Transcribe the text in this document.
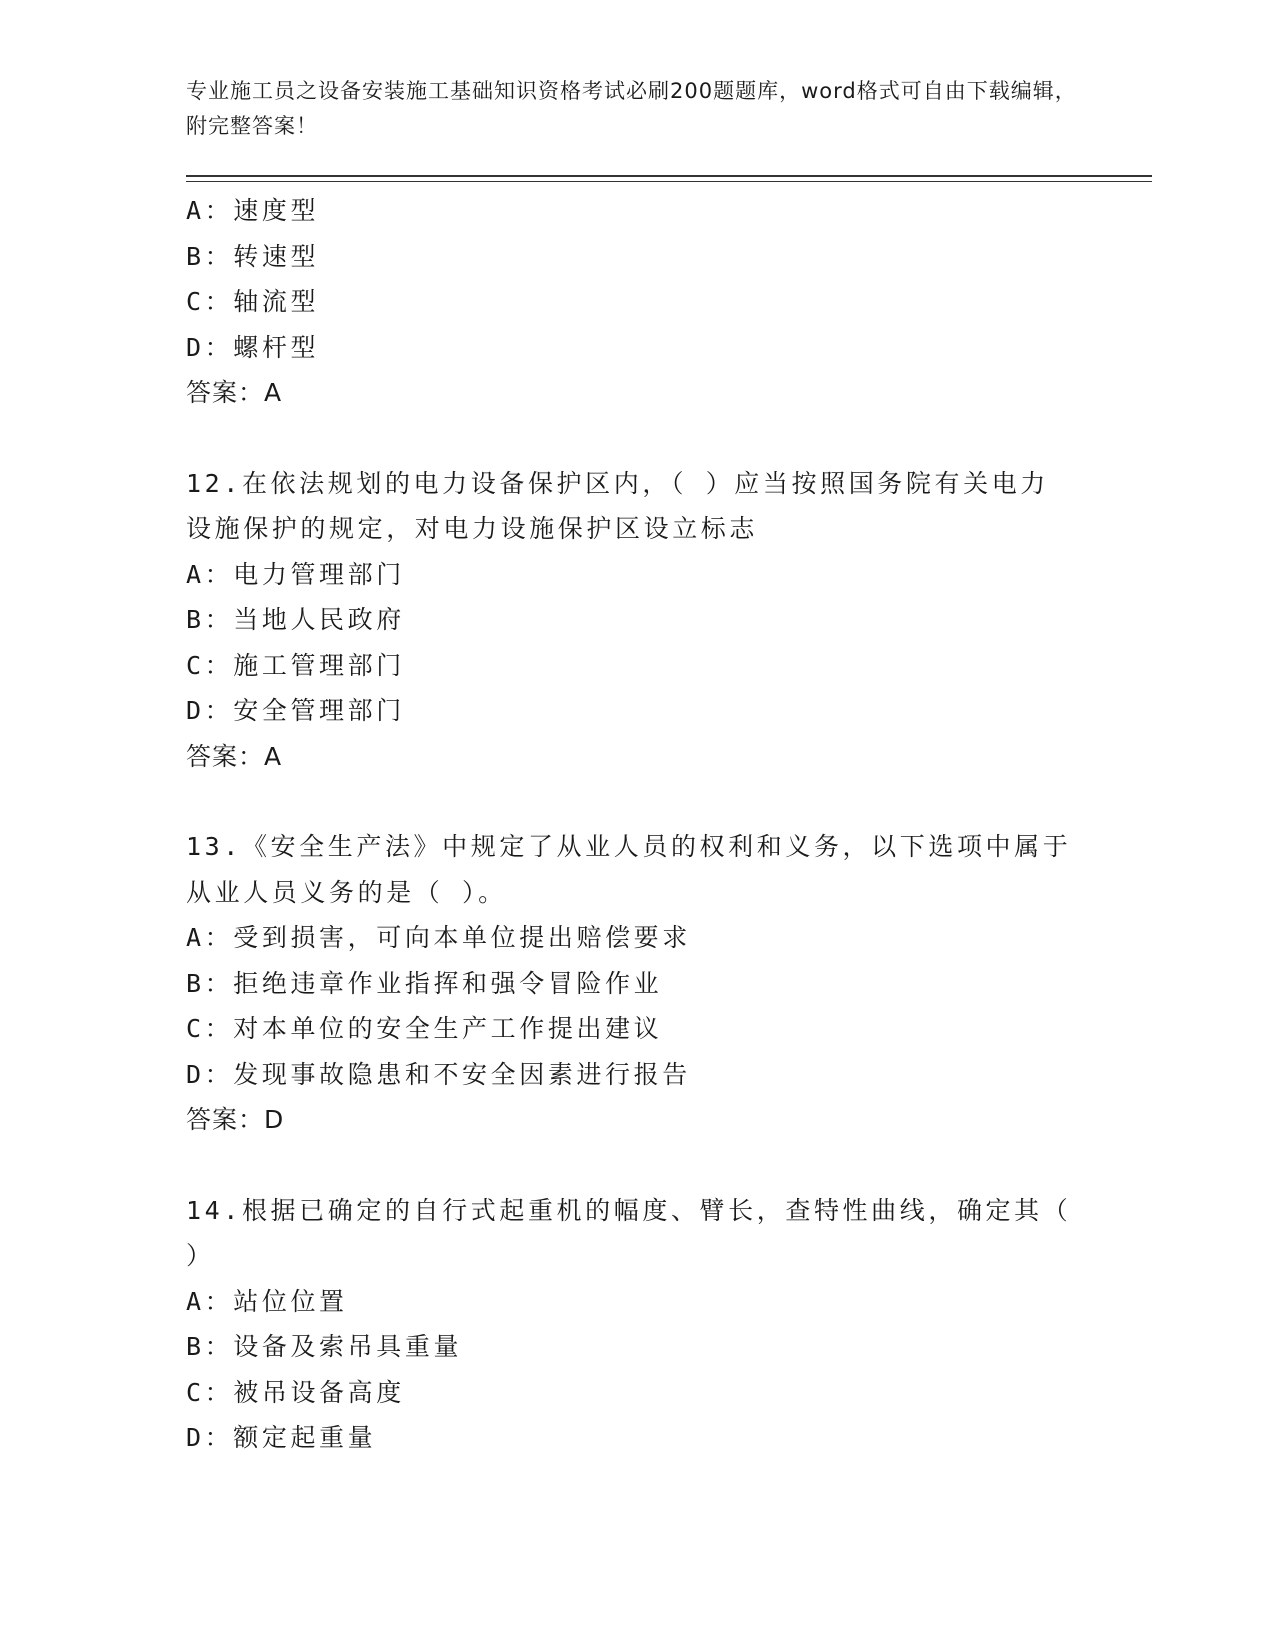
专业施工员之设备安装施工基础知识资格考试必刷200题题库，word格式可自由下载编辑，附完整答案！
A：速度型
B：转速型
C：轴流型
D：螺杆型
答案：A
12.在依法规划的电力设备保护区内，（ ）应当按照国务院有关电力设施保护的规定，对电力设施保护区设立标志
A：电力管理部门
B：当地人民政府
C：施工管理部门
D：安全管理部门
答案：A
13.《安全生产法》中规定了从业人员的权利和义务，以下选项中属于从业人员义务的是（ ）。
A：受到损害，可向本单位提出赔偿要求
B：拒绝违章作业指挥和强令冒险作业
C：对本单位的安全生产工作提出建议
D：发现事故隐患和不安全因素进行报告
答案：D
14.根据已确定的自行式起重机的幅度、臂长，查特性曲线，确定其（ ）
A：站位位置
B：设备及索吊具重量
C：被吊设备高度
D：额定起重量
